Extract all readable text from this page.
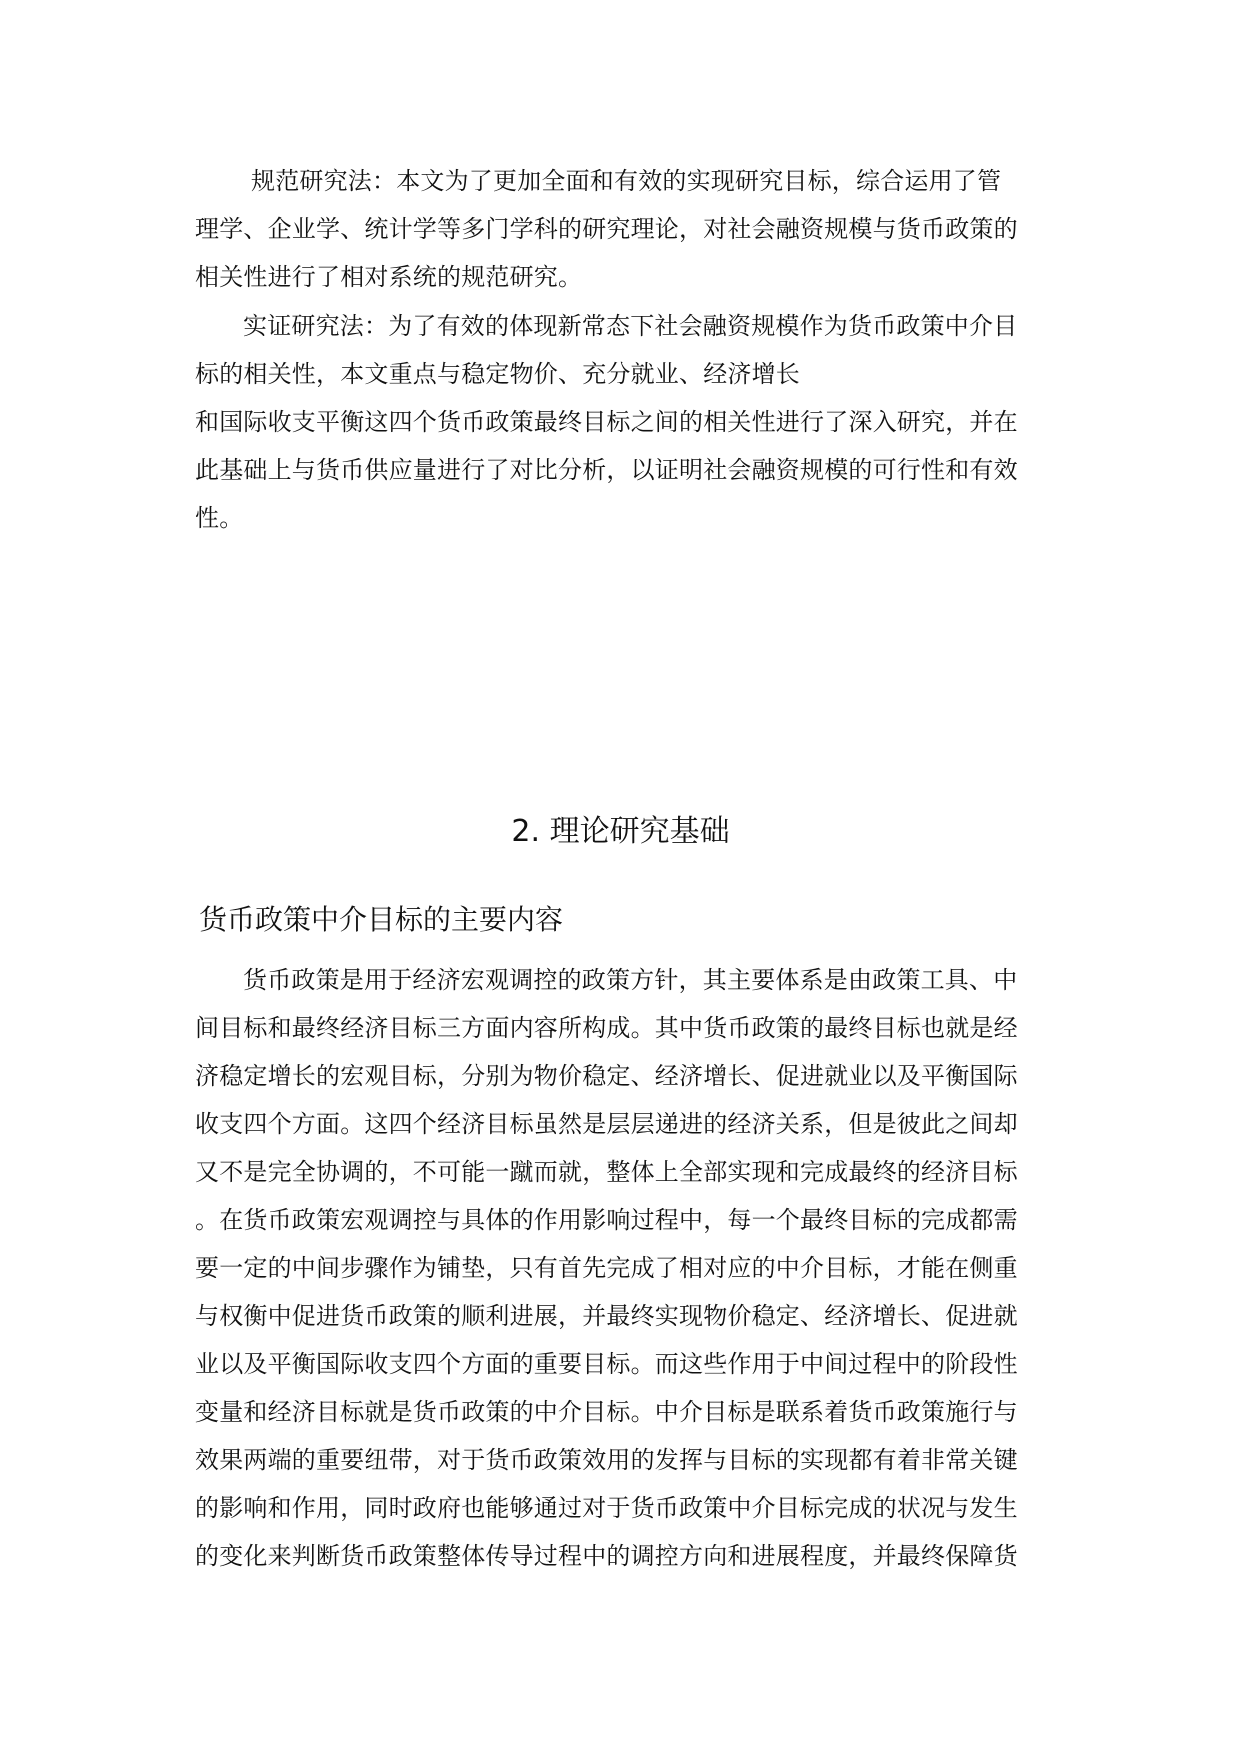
规范研究法：本文为了更加全面和有效的实现研究目标，综合运用了管

理学、企业学、统计学等多门学科的研究理论，对社会融资规模与货币政策的

相关性进行了相对系统的规范研究。

实证研究法：为了有效的体现新常态下社会融资规模作为货币政策中介目

标的相关性，本文重点与稳定物价、充分就业、经济增长

和国际收支平衡这四个货币政策最终目标之间的相关性进行了深入研究，并在

此基础上与货币供应量进行了对比分析，以证明社会融资规模的可行性和有效

性。

2. 理论研究基础
货币政策中介目标的主要内容

货币政策是用于经济宏观调控的政策方针，其主要体系是由政策工具、中

间目标和最终经济目标三方面内容所构成。其中货币政策的最终目标也就是经

济稳定增长的宏观目标，分别为物价稳定、经济增长、促进就业以及平衡国际

收支四个方面。这四个经济目标虽然是层层递进的经济关系，但是彼此之间却

又不是完全协调的，不可能一蹴而就，整体上全部实现和完成最终的经济目标

。在货币政策宏观调控与具体的作用影响过程中，每一个最终目标的完成都需

要一定的中间步骤作为铺垫，只有首先完成了相对应的中介目标，才能在侧重

与权衡中促进货币政策的顺利进展，并最终实现物价稳定、经济增长、促进就

业以及平衡国际收支四个方面的重要目标。而这些作用于中间过程中的阶段性

变量和经济目标就是货币政策的中介目标。中介目标是联系着货币政策施行与

效果两端的重要纽带，对于货币政策效用的发挥与目标的实现都有着非常关键

的影响和作用，同时政府也能够通过对于货币政策中介目标完成的状况与发生

的变化来判断货币政策整体传导过程中的调控方向和进展程度，并最终保障货
